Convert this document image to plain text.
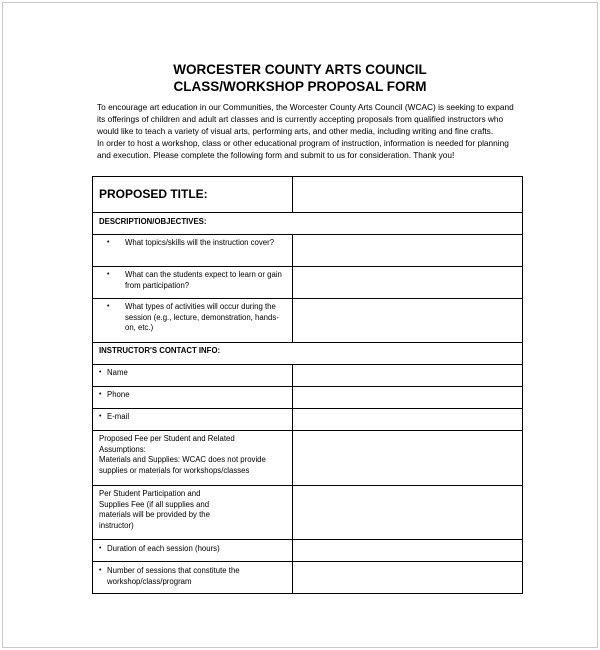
WORCESTER COUNTY ARTS COUNCIL
CLASS/WORKSHOP PROPOSAL FORM

To encourage art education in our Communities, the Worcester County Arts Council (WCAC) is seeking to expand

its offerings of children and adult art classes and is currently accepting proposals from qualified instructors who

would like to teach a variety of visual arts, performing arts, and other media, including writing and fine crafts.

In order to host a workshop, class or other educational program of instruction, information is needed for planning

and execution. Please complete the following form and submit to us for consideration. Thank you!

PROPOSED TITLE:	

DESCRIPTION/OBJECTIVES:	

• What topics/skills will the instruction cover?	

• What can the students expect to learn or gain from participation?	

• What types of activities will occur during the session (e.g., lecture, demonstration, hands-on, etc.)	

INSTRUCTOR'S CONTACT INFO:	

• Name	

• Phone	

• E-mail	

Proposed Fee per Student and Related
Assumptions:
Materials and Supplies: WCAC does not provide
supplies or materials for workshops/classes	

Per Student Participation and
Supplies Fee (if all supplies and
materials will be provided by the
instructor)	

• Duration of each session (hours)	

• Number of sessions that constitute the
workshop/class/program	
